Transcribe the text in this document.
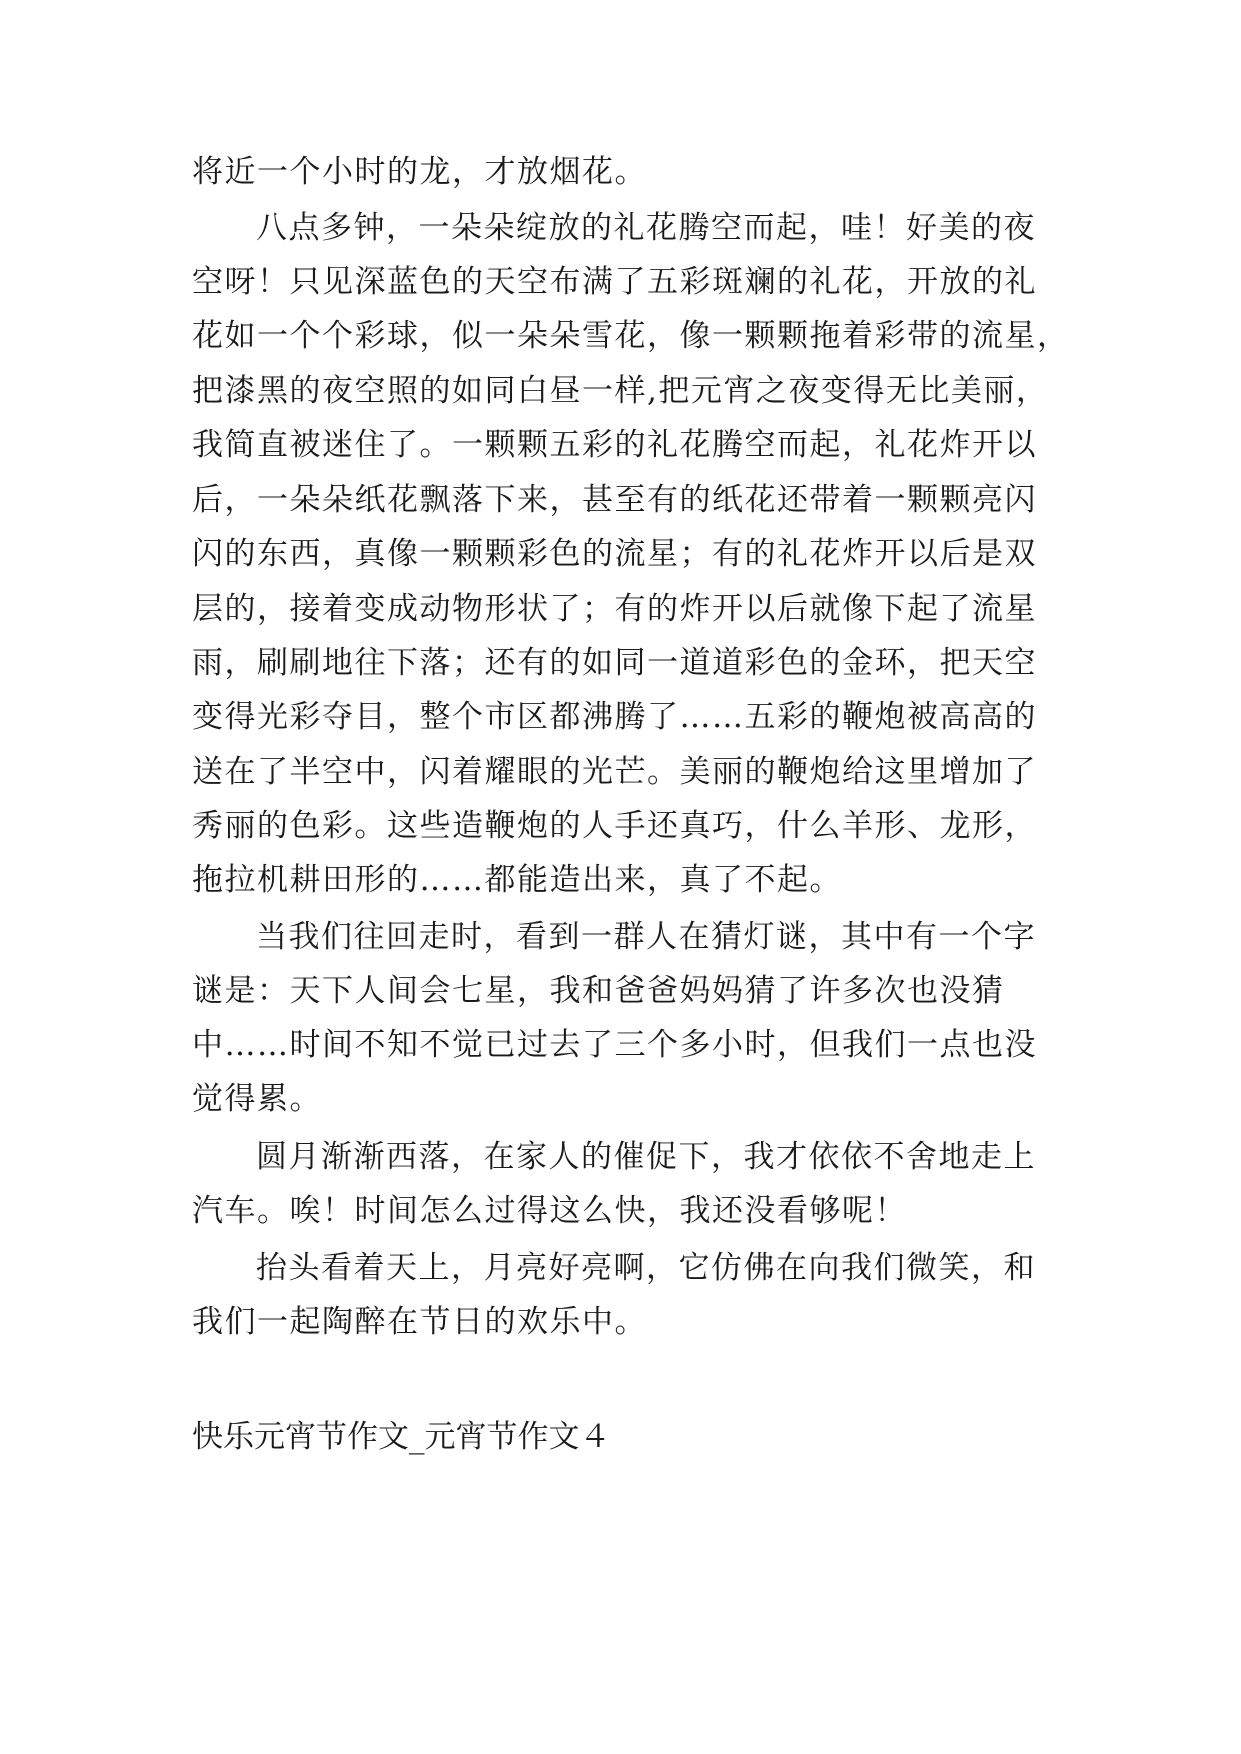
将近一个小时的龙，才放烟花。
八点多钟，一朵朵绽放的礼花腾空而起，哇！好美的夜
空呀！只见深蓝色的天空布满了五彩斑斓的礼花，开放的礼
花如一个个彩球，似一朵朵雪花，像一颗颗拖着彩带的流星，
把漆黑的夜空照的如同白昼一样,把元宵之夜变得无比美丽，
我简直被迷住了。一颗颗五彩的礼花腾空而起，礼花炸开以
后，一朵朵纸花飘落下来，甚至有的纸花还带着一颗颗亮闪
闪的东西，真像一颗颗彩色的流星；有的礼花炸开以后是双
层的，接着变成动物形状了；有的炸开以后就像下起了流星
雨，刷刷地往下落；还有的如同一道道彩色的金环，把天空
变得光彩夺目，整个市区都沸腾了……五彩的鞭炮被高高的
送在了半空中，闪着耀眼的光芒。美丽的鞭炮给这里增加了
秀丽的色彩。这些造鞭炮的人手还真巧，什么羊形、龙形，
拖拉机耕田形的……都能造出来，真了不起。
当我们往回走时，看到一群人在猜灯谜，其中有一个字
谜是：天下人间会七星，我和爸爸妈妈猜了许多次也没猜
中……时间不知不觉已过去了三个多小时，但我们一点也没
觉得累。
圆月渐渐西落，在家人的催促下，我才依依不舍地走上
汽车。唉！时间怎么过得这么快，我还没看够呢！
抬头看着天上，月亮好亮啊，它仿佛在向我们微笑，和
我们一起陶醉在节日的欢乐中。
快乐元宵节作文_元宵节作文４
